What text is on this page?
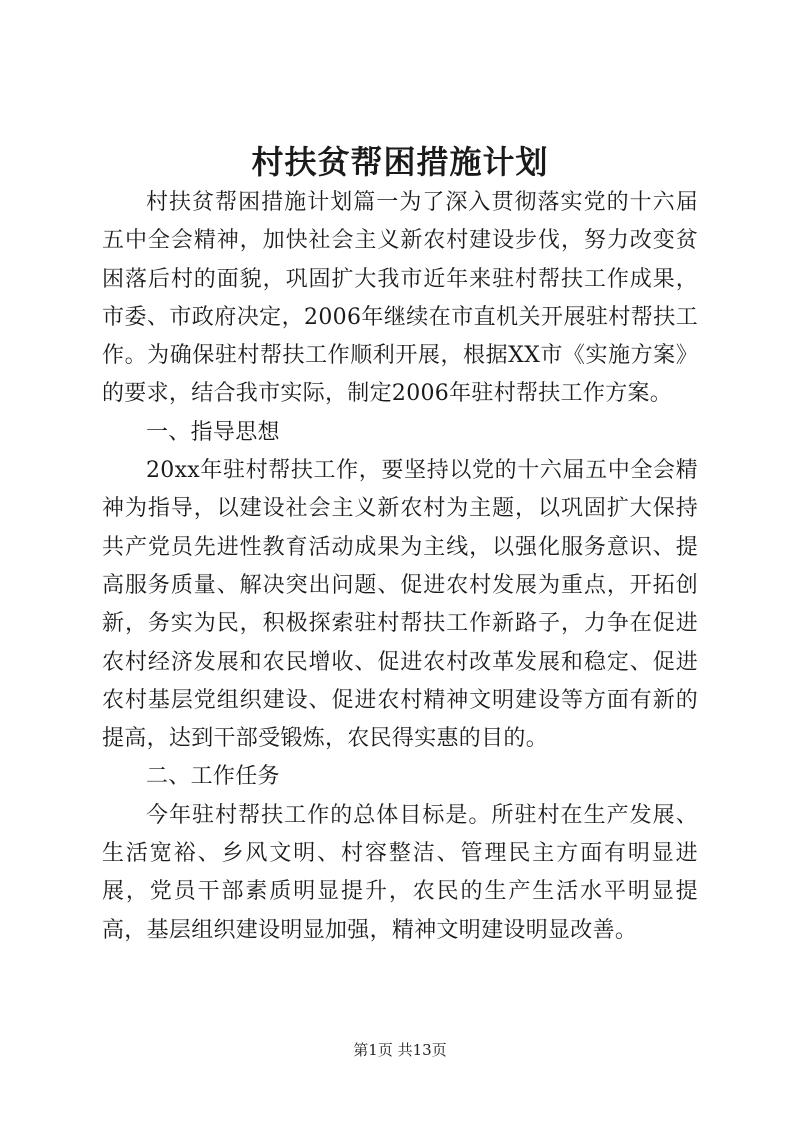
村扶贫帮困措施计划

村扶贫帮困措施计划篇一为了深入贯彻落实党的十六届五中全会精神，加快社会主义新农村建设步伐，努力改变贫困落后村的面貌，巩固扩大我市近年来驻村帮扶工作成果，市委、市政府决定，2006年继续在市直机关开展驻村帮扶工作。为确保驻村帮扶工作顺利开展，根据XX市《实施方案》的要求，结合我市实际，制定2006年驻村帮扶工作方案。

一、指导思想

20xx年驻村帮扶工作，要坚持以党的十六届五中全会精神为指导，以建设社会主义新农村为主题，以巩固扩大保持共产党员先进性教育活动成果为主线，以强化服务意识、提高服务质量、解决突出问题、促进农村发展为重点，开拓创新，务实为民，积极探索驻村帮扶工作新路子，力争在促进农村经济发展和农民增收、促进农村改革发展和稳定、促进农村基层党组织建设、促进农村精神文明建设等方面有新的提高，达到干部受锻炼，农民得实惠的目的。

二、工作任务

今年驻村帮扶工作的总体目标是。所驻村在生产发展、生活宽裕、乡风文明、村容整洁、管理民主方面有明显进展，党员干部素质明显提升，农民的生产生活水平明显提高，基层组织建设明显加强，精神文明建设明显改善。

第1页 共13页
